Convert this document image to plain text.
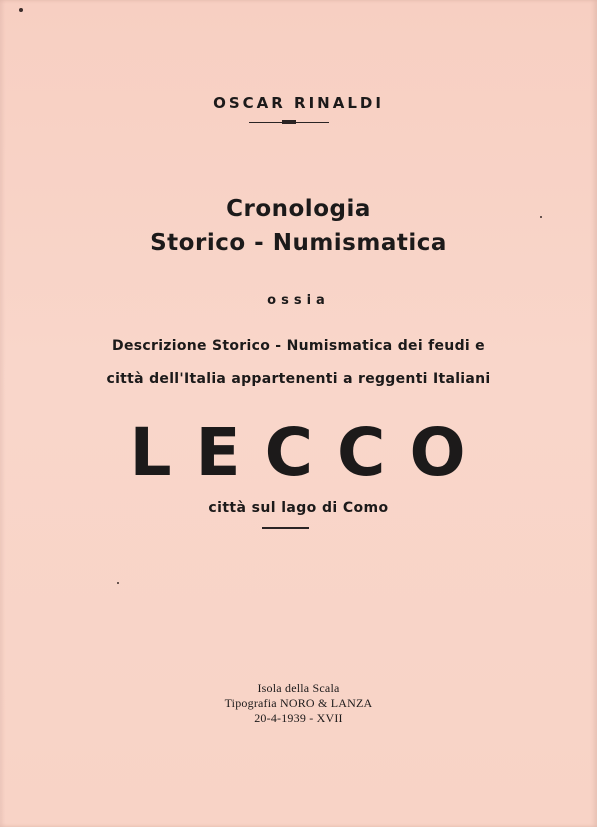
OSCAR RINALDI
Cronologia
Storico - Numismatica
ossia
Descrizione Storico - Numismatica dei feudi e
città dell'Italia appartenenti a reggenti Italiani
LECCO
città sul lago di Como
Isola della Scala
Tipografia NORO & LANZA
20-4-1939 - XVII
